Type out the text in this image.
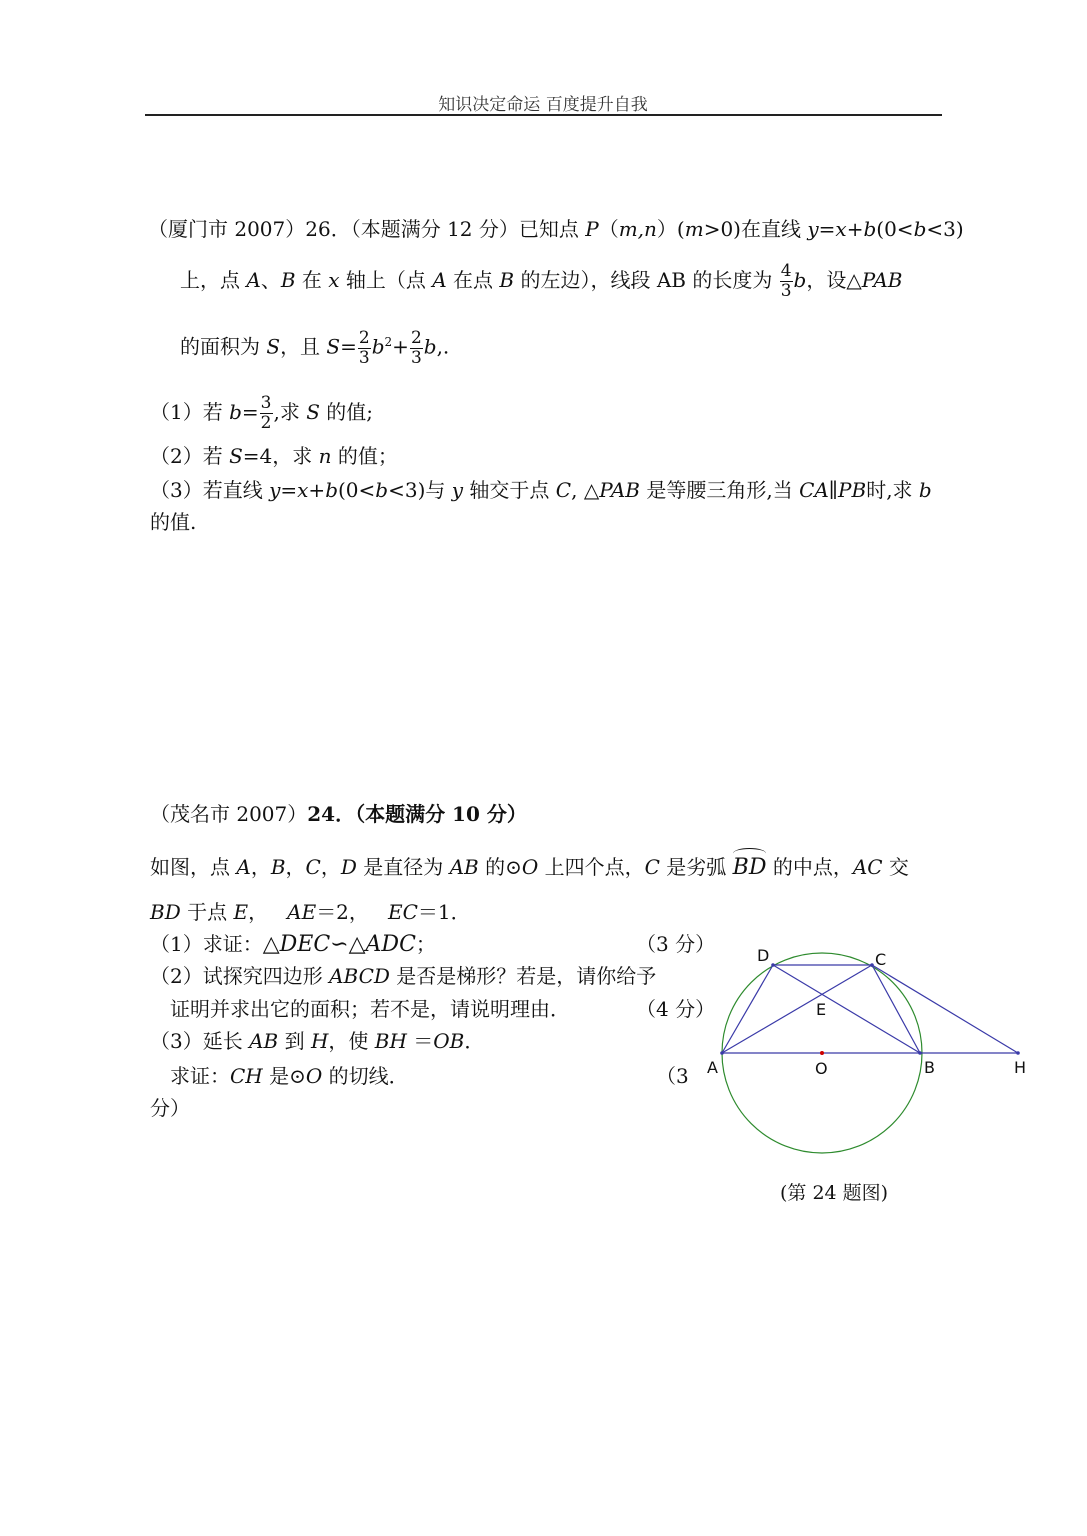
知识决定命运 百度提升自我
（厦门市 2007）26．（本题满分 12 分）已知点 P（m,n）(m>0)在直线 y=x+b(0<b<3)
上，点 A、B 在 x 轴上（点 A 在点 B 的左边），线段 AB 的长度为 $\frac{4}{3}$ b，设△PAB
的面积为 S，且 $S= \frac{2}{3} b^2+ \frac{2}{3} b$,.
（1）若 $b= \frac{3}{2}$ ,求 S 的值;
（2）若 S=4，求 n 的值；
（3）若直线 y=x+b(0<b<3)与 y 轴交于点 C, △PAB 是等腰三角形,当 CA∥PB时,求 b
的值.
（茂名市 2007）24．（本题满分 10 分）
如图，点 A，B，C，D 是直径为 AB 的⊙O 上四个点，C 是劣弧 BD 的中点，AC 交
BD 于点 E，   AE＝2，   EC＝1．
（1）求证：△DEC∽△ADC；	（3 分）
（2）试探究四边形 ABCD 是否是梯形？若是，请你给予
证明并求出它的面积；若不是，请说明理由．	（4 分）
（3）延长 AB 到 H，使 BH ＝OB．
求证：CH 是⊙O 的切线．	（3
分）
D	C
E
A	O	B	H
(第 24 题图)
